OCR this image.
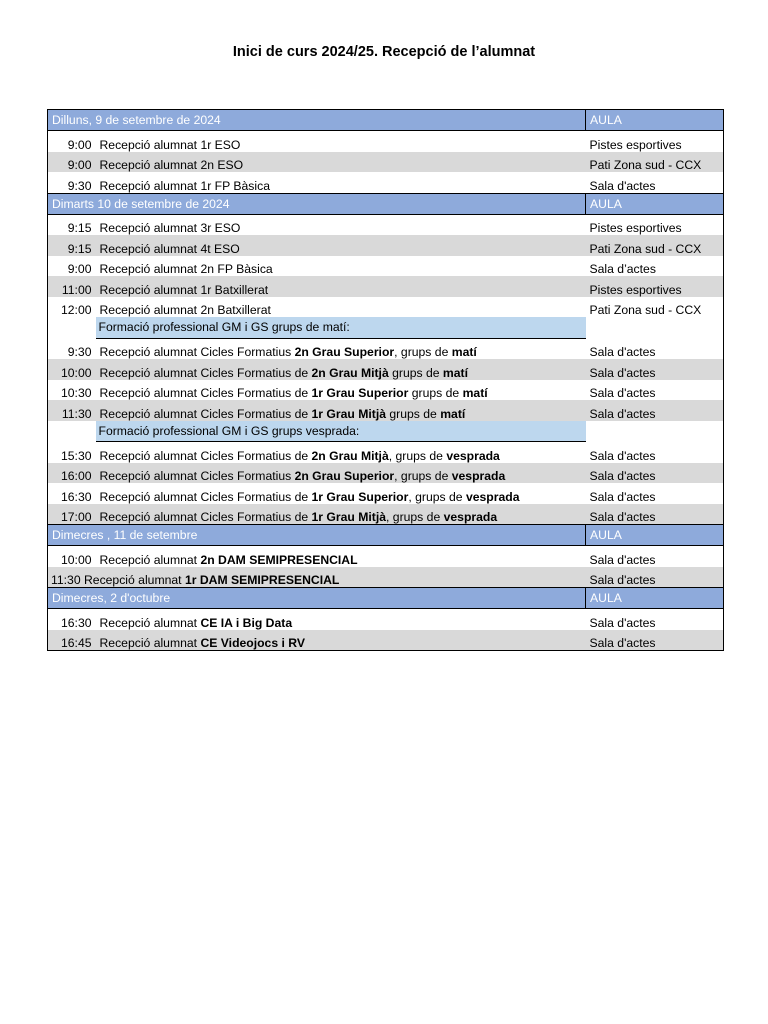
Inici de curs 2024/25. Recepció de l’alumnat
Dilluns, 9 de setembre de 2024		AULA
9:00	Recepció alumnat 1r ESO	Pistes esportives
9:00	Recepció alumnat 2n ESO	Pati Zona sud - CCX
9:30	Recepció alumnat 1r FP Bàsica	Sala d'actes
Dimarts 10 de setembre de 2024		AULA
9:15	Recepció alumnat 3r ESO	Pistes esportives
9:15	Recepció alumnat 4t ESO	Pati Zona sud - CCX
9:00	Recepció alumnat 2n FP Bàsica	Sala d’actes
11:00	Recepció alumnat 1r Batxillerat	Pistes esportives
12:00	Recepció alumnat 2n Batxillerat	Pati Zona sud - CCX
	Formació professional GM i GS grups de matí:	
9:30	Recepció alumnat Cicles Formatius 2n Grau Superior, grups de matí	Sala d'actes
10:00	Recepció alumnat Cicles Formatius de 2n Grau Mitjà grups de matí	Sala d'actes
10:30	Recepció alumnat Cicles Formatius de 1r Grau Superior grups de matí	Sala d'actes
11:30	Recepció alumnat Cicles Formatius de 1r Grau Mitjà grups de matí	Sala d'actes
	Formació professional GM i GS grups vesprada:	
15:30	Recepció alumnat Cicles Formatius de 2n Grau Mitjà, grups de vesprada	Sala d'actes
16:00	Recepció alumnat Cicles Formatius 2n Grau Superior, grups de vesprada	Sala d'actes
16:30	Recepció alumnat Cicles Formatius de 1r Grau Superior, grups de vesprada	Sala d'actes
17:00	Recepció alumnat Cicles Formatius de 1r Grau Mitjà, grups de vesprada	Sala d'actes
Dimecres , 11 de setembre		AULA
10:00	Recepció alumnat 2n DAM SEMIPRESENCIAL	Sala d'actes
11:30 Recepció alumnat 1r DAM SEMIPRESENCIAL		Sala d'actes
Dimecres, 2 d'octubre		AULA
16:30	Recepció alumnat CE IA i Big Data	Sala d'actes
16:45	Recepció alumnat CE Videojocs i RV	Sala d'actes
